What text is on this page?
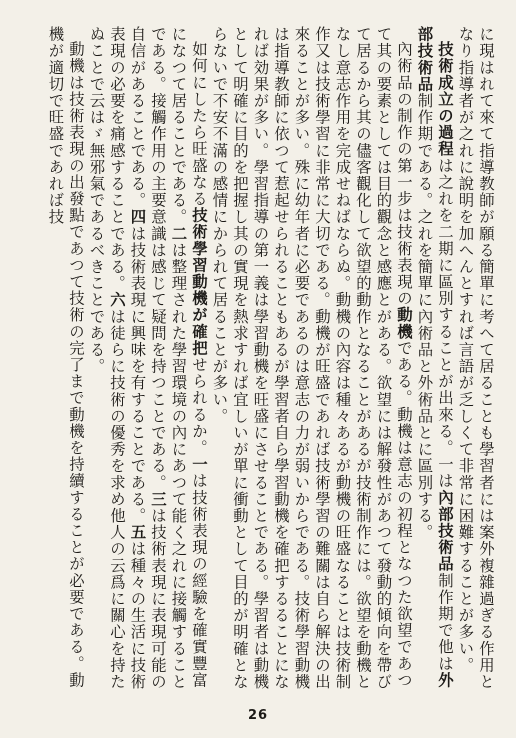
に現はれて來て指導教師が願る簡單に考へて居ることも學習者には案外複雜過ぎる作用となり指導者が之れに說明を加へんとすれば言語が乏しくて非常に困難することが多い。

技術成立の過程は之れを二期に區別することが出來る。一は內部技術品制作期で他は外部技術品制作期である。之れを簡單に內術品と外術品とに區別する。

內術品の制作の第一步は技術表現の動機である。動機は意志の初程となつた欲望であつて其の要素としては目的觀念と感應とがある。欲望には解發性があつて發動的傾向を帶びて居るから其の儘客觀化して欲望的動作となることがあるが技術制作には。欲望を動機となし意志作用を完成せねばならぬ。動機の內容は種々あるが動機の旺盛なることは技術制作又は技術學習に非常に大切である。動機が旺盛であれば技術學習の難關は自ら解決の出來ることが多い。殊に幼年者に必要であるのは意志の力が弱いからである。技術學習動機は指導教師に依つて惹起せられることもあるが學習者自ら學習動機を確把するることになれば効果が多い。學習指導の第一義は學習動機を旺盛にさせることである。學習者は動機として明確に目的を把握し其の實現を熱求すれば宜しいが單に衝動として目的が明確とならないで不安不滿の感情にかられて居ることが多い。

如何にしたら旺盛なる技術學習動機が確把せられるか。一は技術表現の經驗を確實豐富になつて居ることである。二は整理された學習環境の內にあつて能く之れに接觸することである。接觸作用の主要意識は感じて疑問を持つことである。三は技術表現に表現可能の自信があることである。四は技術表現に興味を有することである。五は種々の生活に技術表現の必要を痛感することである。六は徒らに技術の優秀を求め他人の云爲に關心を持たぬことで云はゞ無邪氣であるべきことである。

動機は技術表現の出發點であつて技術の完了まで動機を持續することが必要である。動機が適切で旺盛であれば技

26
